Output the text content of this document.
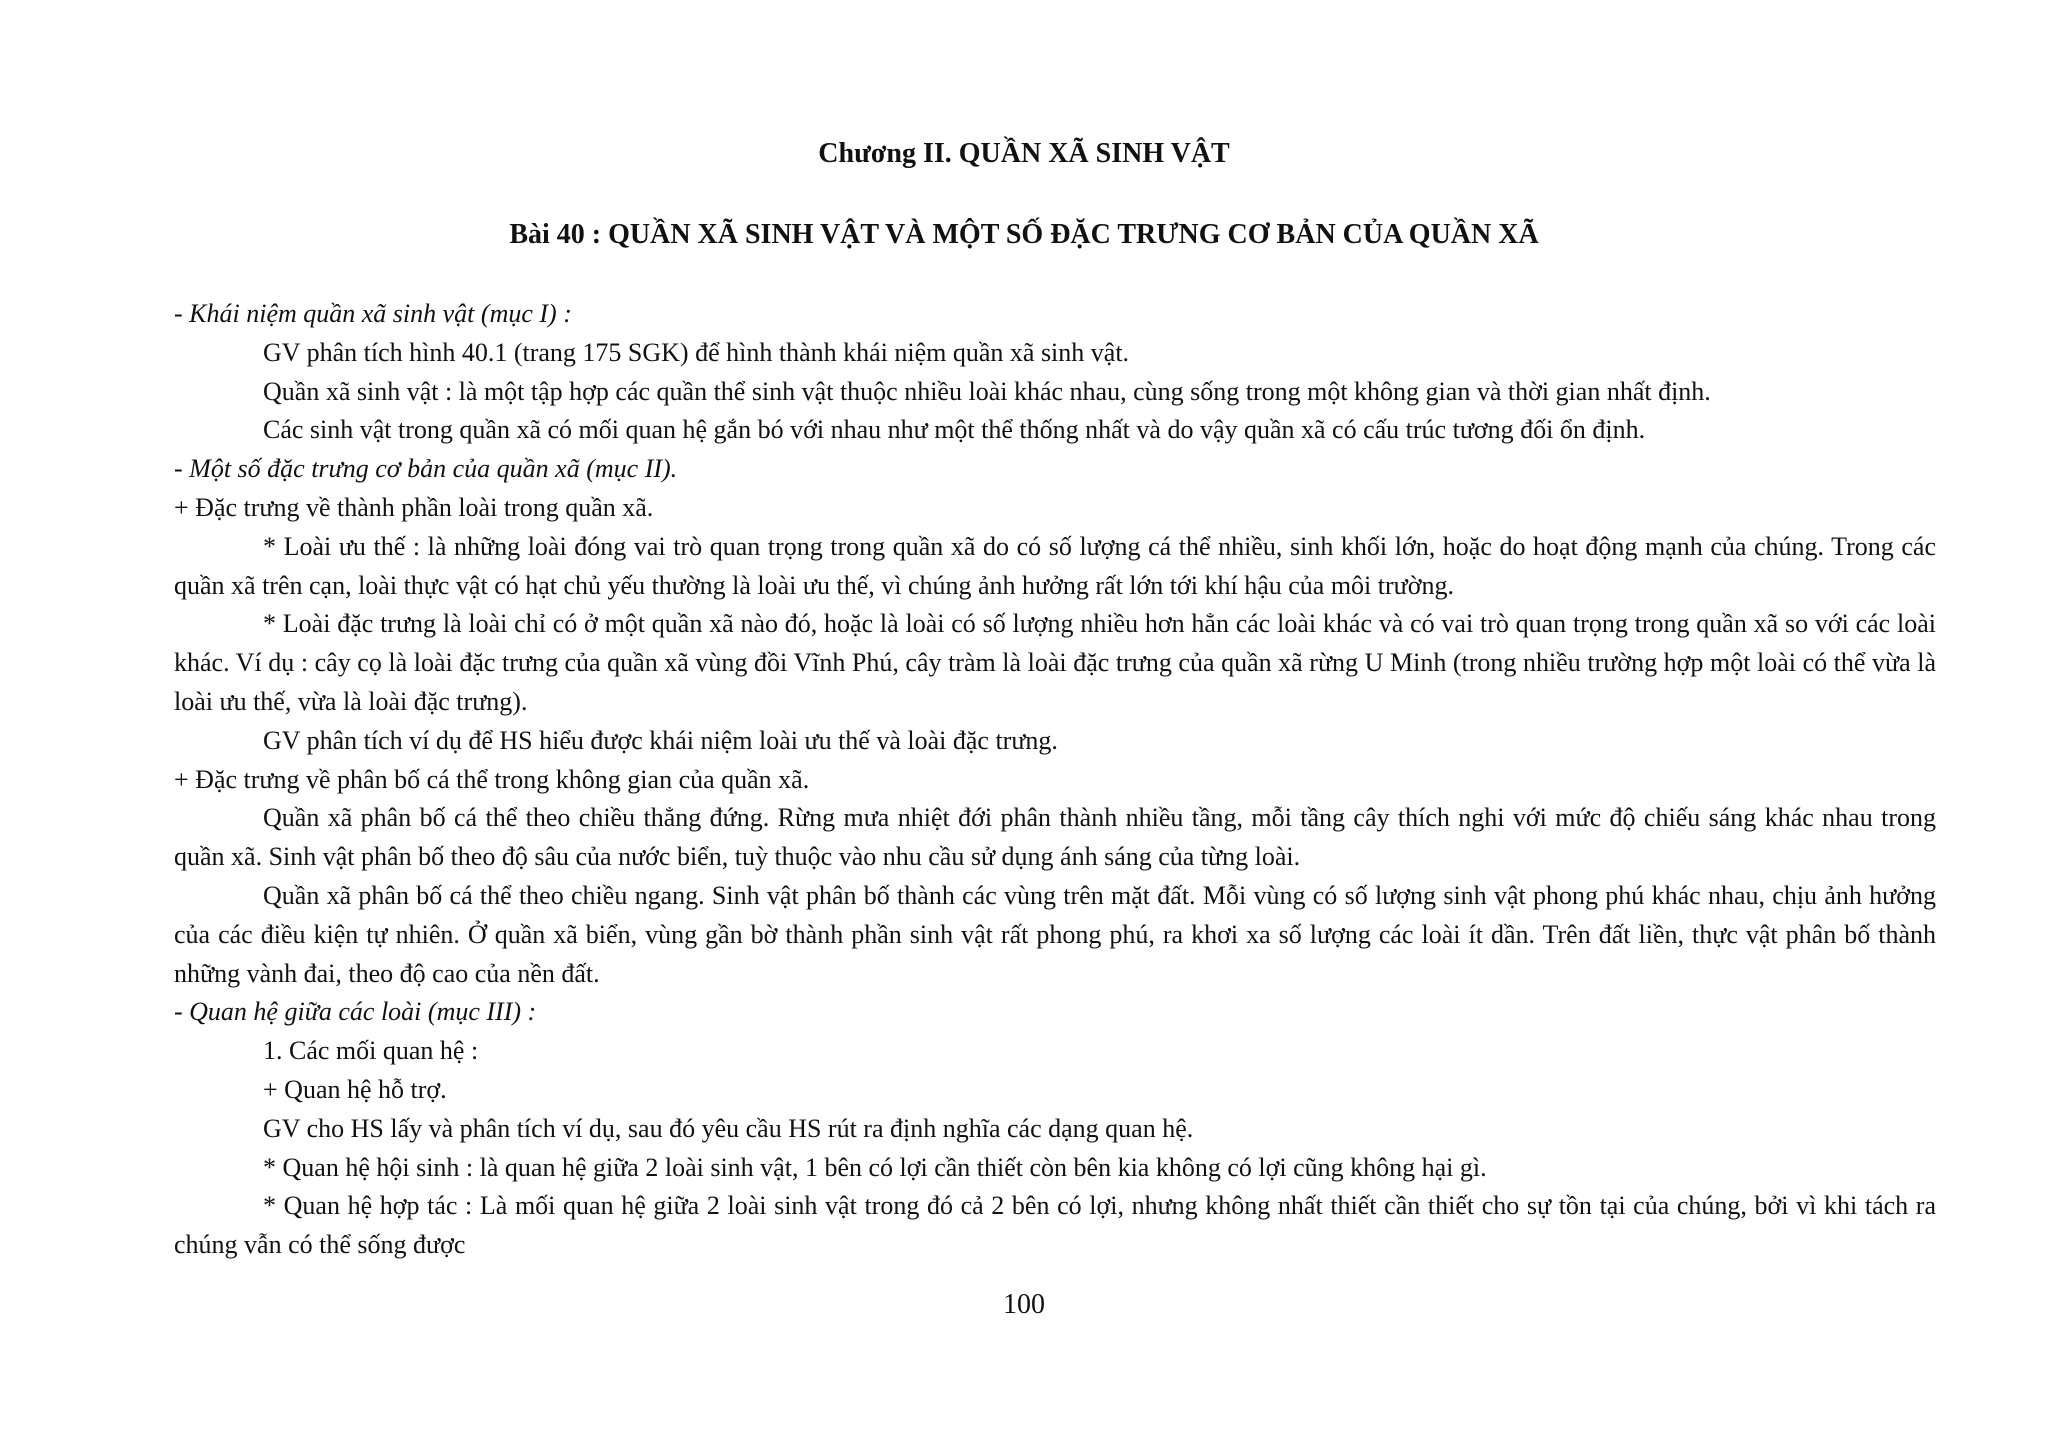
Chương II. QUẦN XÃ SINH VẬT
Bài 40 : QUẦN XÃ SINH VẬT VÀ MỘT SỐ ĐẶC TRƯNG CƠ BẢN CỦA QUẦN XÃ

- Khái niệm quần xã sinh vật (mục I) :

GV phân tích hình 40.1 (trang 175 SGK) để hình thành khái niệm quần xã sinh vật.

Quần xã sinh vật : là một tập hợp các quần thể sinh vật thuộc nhiều loài khác nhau, cùng sống trong một không gian và thời gian nhất định.

Các sinh vật trong quần xã có mối quan hệ gắn bó với nhau như một thể thống nhất và do vậy quần xã có cấu trúc tương đối ổn định.

- Một số đặc trưng cơ bản của quần xã (mục II).

+ Đặc trưng về thành phần loài trong quần xã.

* Loài ưu thế : là những loài đóng vai trò quan trọng trong quần xã do có số lượng cá thể nhiều, sinh khối lớn, hoặc do hoạt động mạnh của chúng. Trong các quần xã trên cạn, loài thực vật có hạt chủ yếu thường là loài ưu thế, vì chúng ảnh hưởng rất lớn tới khí hậu của môi trường.

* Loài đặc trưng là loài chỉ có ở một quần xã nào đó, hoặc là loài có số lượng nhiều hơn hẳn các loài khác và có vai trò quan trọng trong quần xã so với các loài khác. Ví dụ : cây cọ là loài đặc trưng của quần xã vùng đồi Vĩnh Phú, cây tràm là loài đặc trưng của quần xã rừng U Minh (trong nhiều trường hợp một loài có thể vừa là loài ưu thế, vừa là loài đặc trưng).

GV phân tích ví dụ để HS hiểu được khái niệm loài ưu thế và loài đặc trưng.

+ Đặc trưng về phân bố cá thể trong không gian của quần xã.

Quần xã phân bố cá thể theo chiều thẳng đứng. Rừng mưa nhiệt đới phân thành nhiều tầng, mỗi tầng cây thích nghi với mức độ chiếu sáng khác nhau trong quần xã. Sinh vật phân bố theo độ sâu của nước biển, tuỳ thuộc vào nhu cầu sử dụng ánh sáng của từng loài.

Quần xã phân bố cá thể theo chiều ngang. Sinh vật phân bố thành các vùng trên mặt đất. Mỗi vùng có số lượng sinh vật phong phú khác nhau, chịu ảnh hưởng của các điều kiện tự nhiên. Ở quần xã biển, vùng gần bờ thành phần sinh vật rất phong phú, ra khơi xa số lượng các loài ít dần. Trên đất liền, thực vật phân bố thành những vành đai, theo độ cao của nền đất.

- Quan hệ giữa các loài (mục III) :

1. Các mối quan hệ :

+ Quan hệ hỗ trợ.

GV cho HS lấy và phân tích ví dụ, sau đó yêu cầu HS rút ra định nghĩa các dạng quan hệ.

* Quan hệ hội sinh : là quan hệ giữa 2 loài sinh vật, 1 bên có lợi cần thiết còn bên kia không có lợi cũng không hại gì.

* Quan hệ hợp tác : Là mối quan hệ giữa 2 loài sinh vật trong đó cả 2 bên có lợi, nhưng không nhất thiết cần thiết cho sự tồn tại của chúng, bởi vì khi tách ra chúng vẫn có thể sống được

100
